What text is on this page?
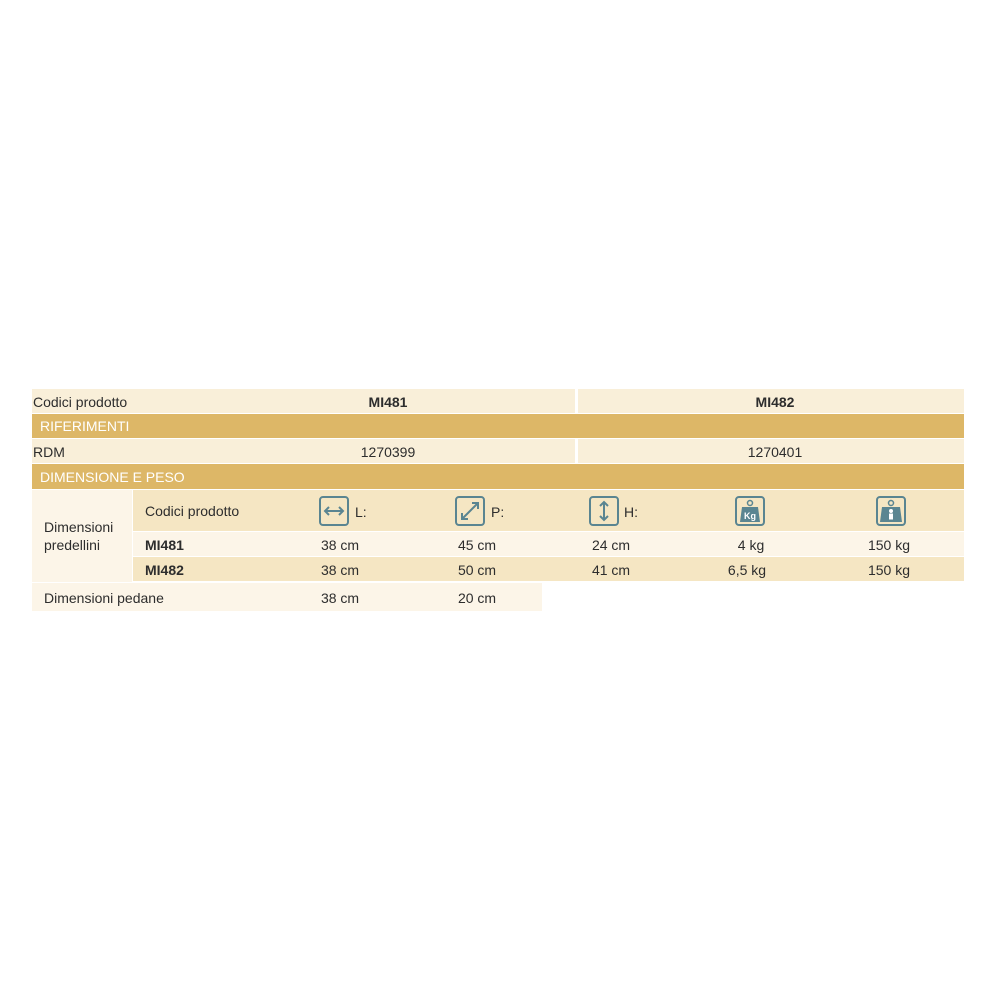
Codici prodotto	MI481	MI482
RIFERIMENTI
RDM	1270399	1270401
DIMENSIONE E PESO
Dimensioni
predellini
Codici prodotto	L:	P:	H:	Kg
MI481	38 cm	45 cm	24 cm	4 kg	150 kg
MI482	38 cm	50 cm	41 cm	6,5 kg	150 kg
Dimensioni pedane	38 cm	20 cm
